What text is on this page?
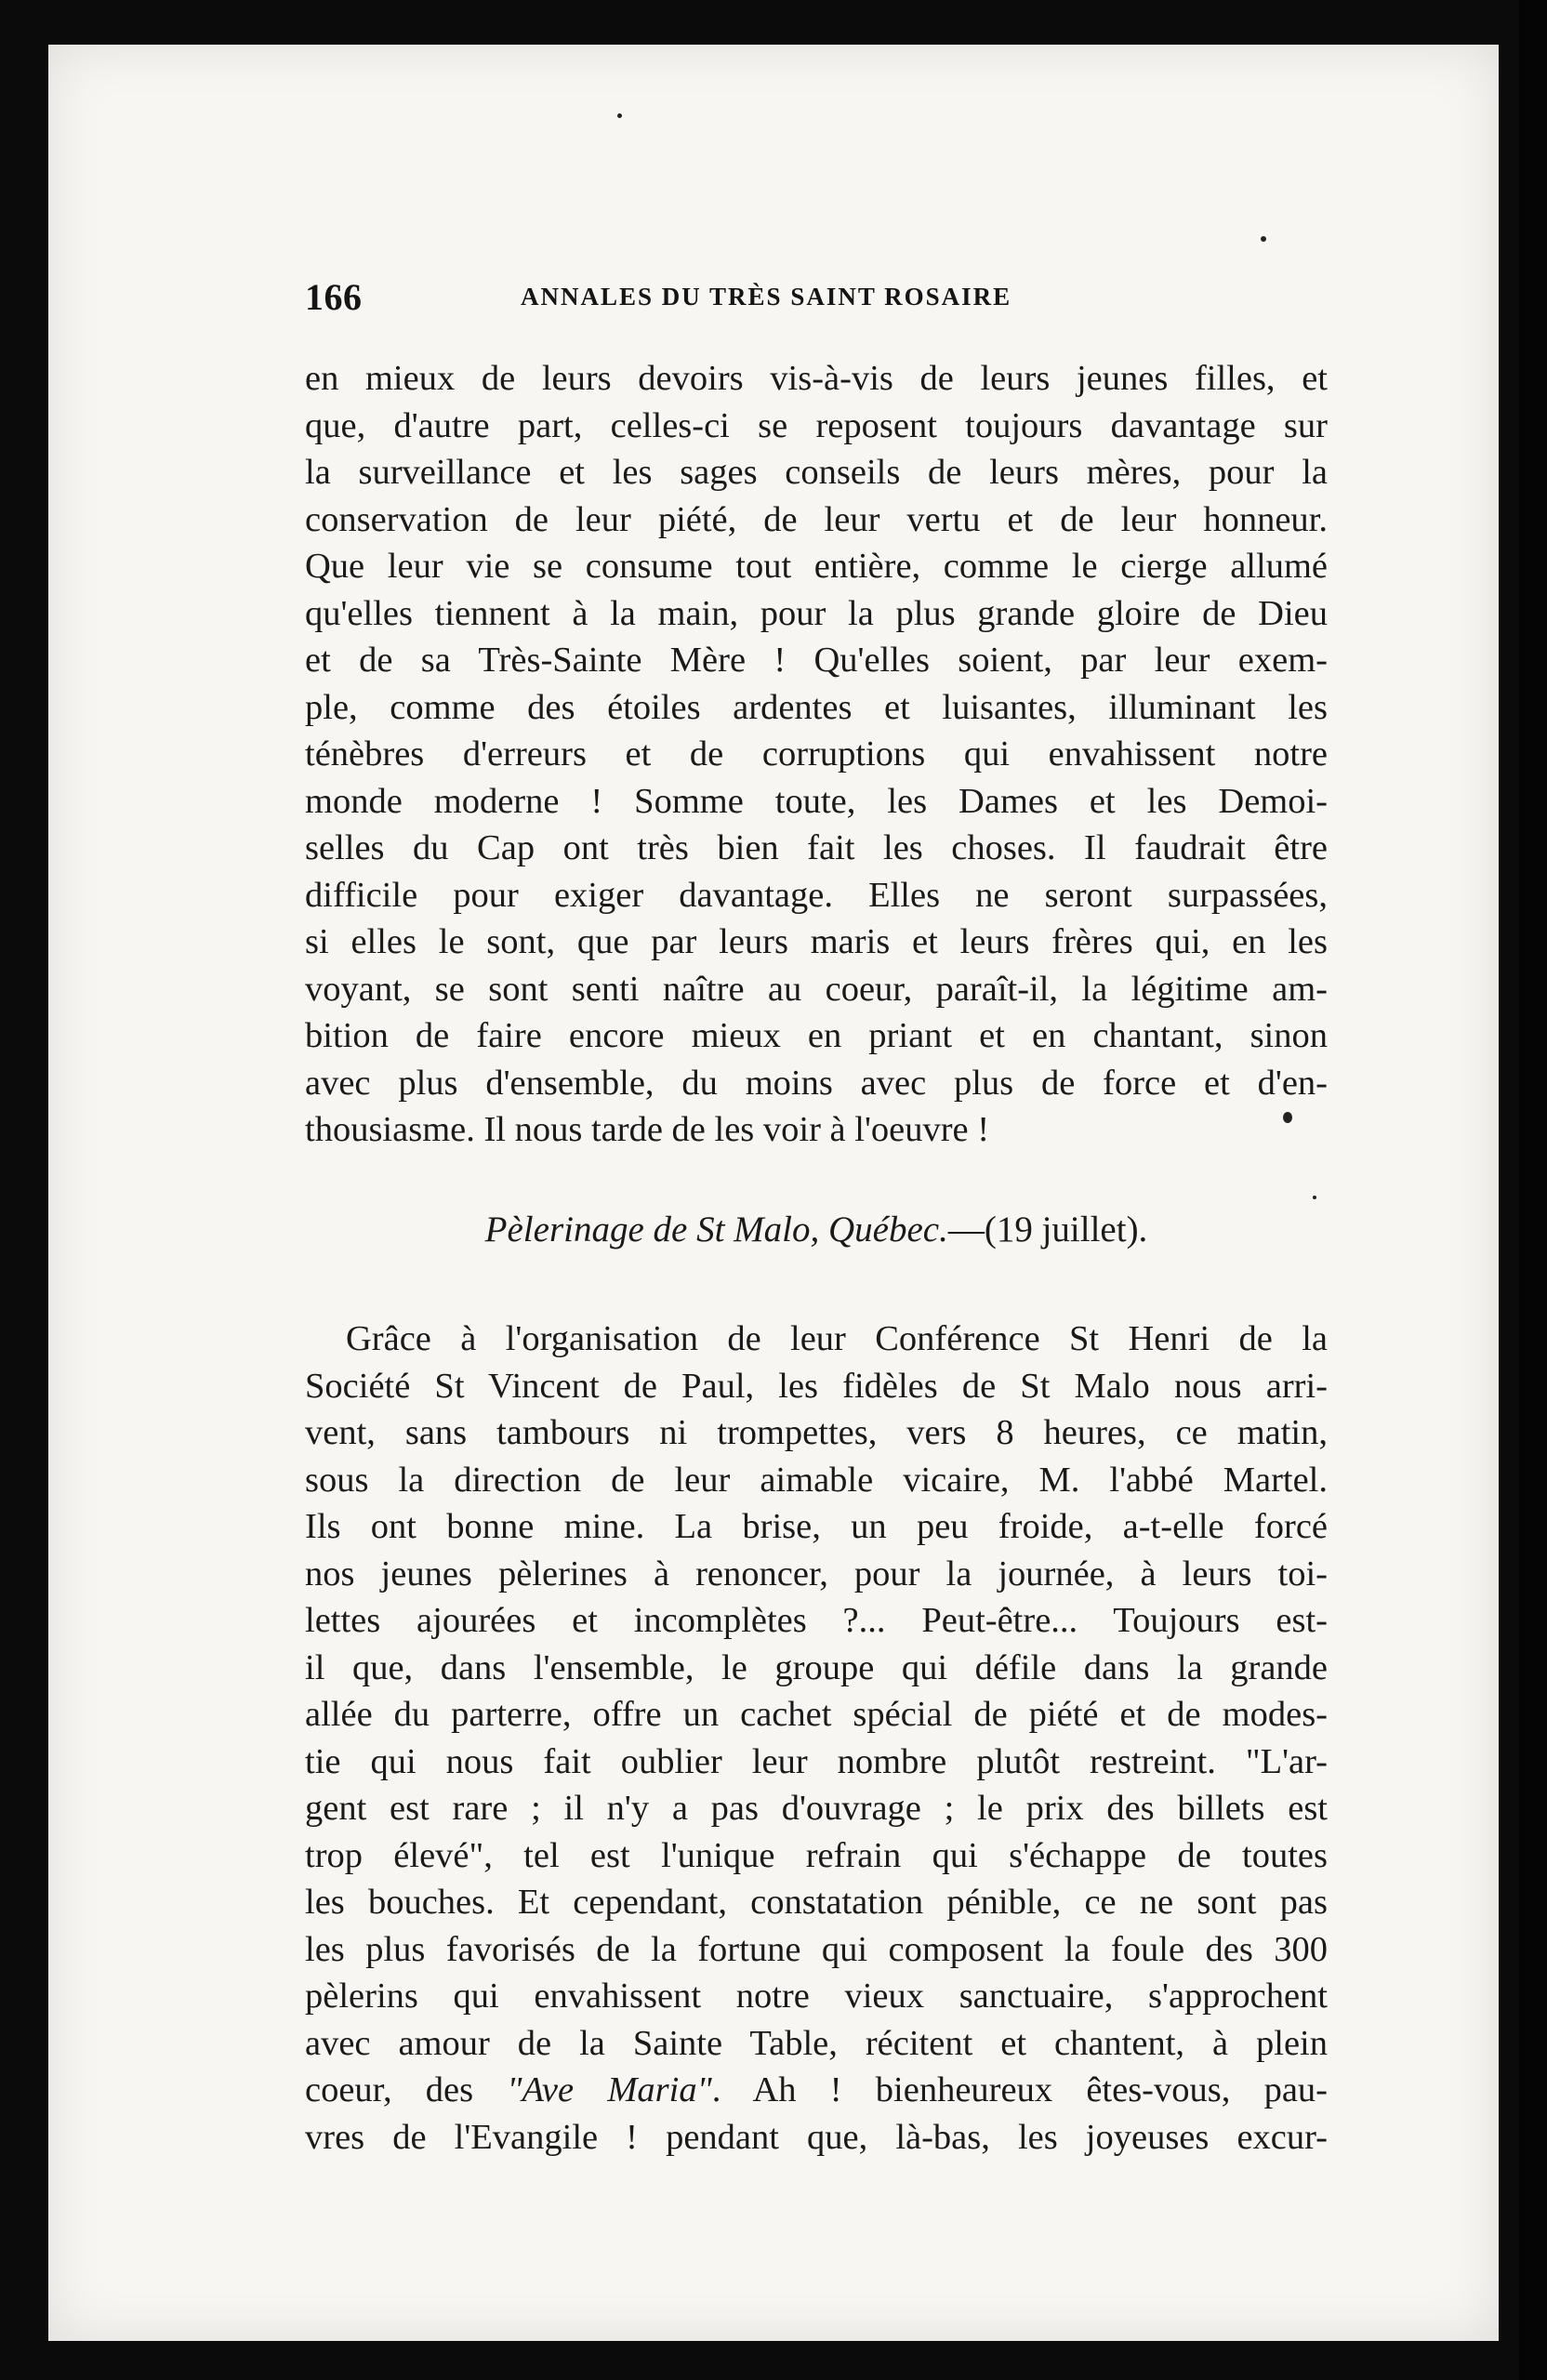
166	ANNALES DU TRÈS SAINT ROSAIRE
en mieux de leurs devoirs vis-à-vis de leurs jeunes filles, et
que, d'autre part, celles-ci se reposent toujours davantage sur
la surveillance et les sages conseils de leurs mères, pour la
conservation de leur piété, de leur vertu et de leur honneur.
Que leur vie se consume tout entière, comme le cierge allumé
qu'elles tiennent à la main, pour la plus grande gloire de Dieu
et de sa Très-Sainte Mère ! Qu'elles soient, par leur exem-
ple, comme des étoiles ardentes et luisantes, illuminant les
ténèbres d'erreurs et de corruptions qui envahissent notre
monde moderne ! Somme toute, les Dames et les Demoi-
selles du Cap ont très bien fait les choses. Il faudrait être
difficile pour exiger davantage. Elles ne seront surpassées,
si elles le sont, que par leurs maris et leurs frères qui, en les
voyant, se sont senti naître au coeur, paraît-il, la légitime am-
bition de faire encore mieux en priant et en chantant, sinon
avec plus d'ensemble, du moins avec plus de force et d'en-
thousiasme. Il nous tarde de les voir à l'oeuvre !
Pèlerinage de St Malo, Québec.—(19 juillet).
Grâce à l'organisation de leur Conférence St Henri de la
Société St Vincent de Paul, les fidèles de St Malo nous arri-
vent, sans tambours ni trompettes, vers 8 heures, ce matin,
sous la direction de leur aimable vicaire, M. l'abbé Martel.
Ils ont bonne mine. La brise, un peu froide, a-t-elle forcé
nos jeunes pèlerines à renoncer, pour la journée, à leurs toi-
lettes ajourées et incomplètes ?... Peut-être... Toujours est-
il que, dans l'ensemble, le groupe qui défile dans la grande
allée du parterre, offre un cachet spécial de piété et de modes-
tie qui nous fait oublier leur nombre plutôt restreint. "L'ar-
gent est rare ; il n'y a pas d'ouvrage ; le prix des billets est
trop élevé", tel est l'unique refrain qui s'échappe de toutes
les bouches. Et cependant, constatation pénible, ce ne sont pas
les plus favorisés de la fortune qui composent la foule des 300
pèlerins qui envahissent notre vieux sanctuaire, s'approchent
avec amour de la Sainte Table, récitent et chantent, à plein
coeur, des "Ave Maria". Ah ! bienheureux êtes-vous, pau-
vres de l'Evangile ! pendant que, là-bas, les joyeuses excur-
